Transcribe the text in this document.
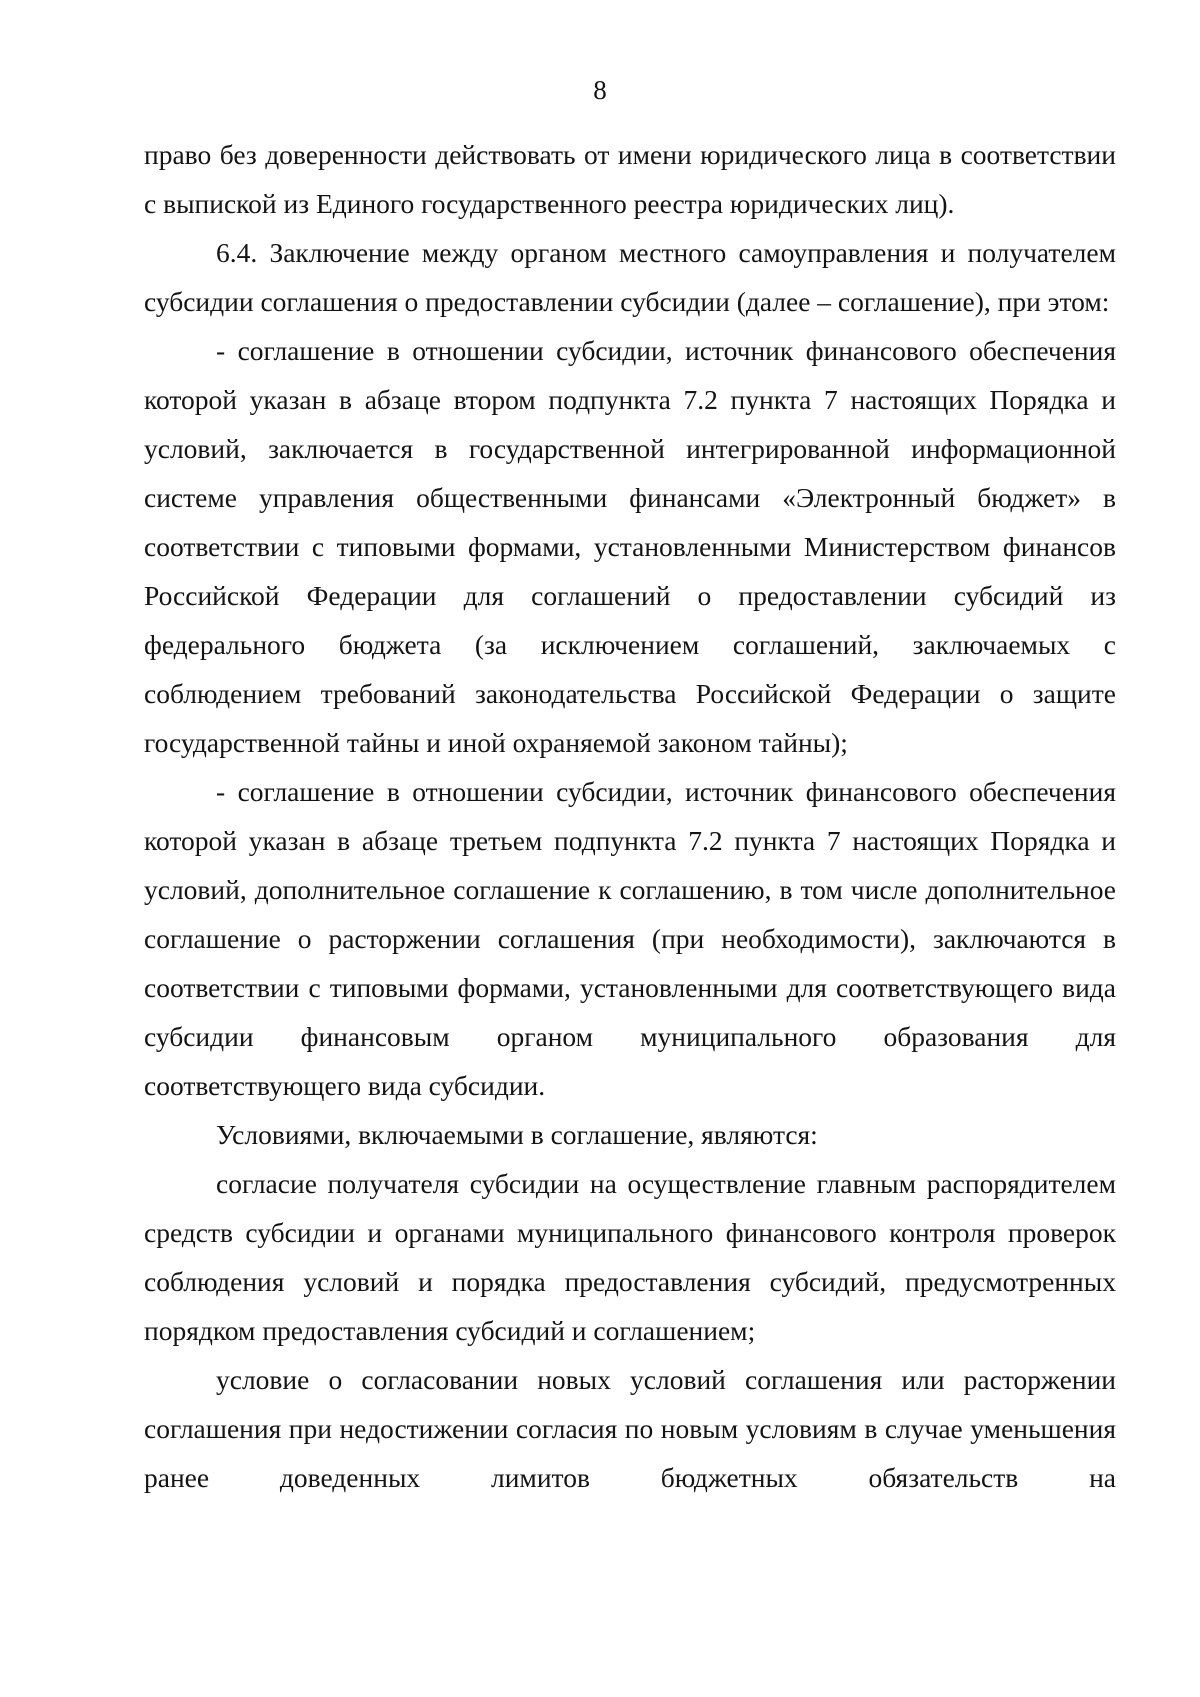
8

право без доверенности действовать от имени юридического лица в соответствии с выпиской из Единого государственного реестра юридических лиц).

6.4. Заключение между органом местного самоуправления и получателем субсидии соглашения о предоставлении субсидии (далее – соглашение), при этом:

- соглашение в отношении субсидии, источник финансового обеспечения которой указан в абзаце втором подпункта 7.2 пункта 7 настоящих Порядка и условий, заключается в государственной интегрированной информационной системе управления общественными финансами «Электронный бюджет» в соответствии с типовыми формами, установленными Министерством финансов Российской Федерации для соглашений о предоставлении субсидий из федерального бюджета (за исключением соглашений, заключаемых с соблюдением требований законодательства Российской Федерации о защите государственной тайны и иной охраняемой законом тайны);

- соглашение в отношении субсидии, источник финансового обеспечения которой указан в абзаце третьем подпункта 7.2 пункта 7 настоящих Порядка и условий, дополнительное соглашение к соглашению, в том числе дополнительное соглашение о расторжении соглашения (при необходимости), заключаются в соответствии с типовыми формами, установленными для соответствующего вида субсидии финансовым органом муниципального образования для соответствующего вида субсидии.

Условиями, включаемыми в соглашение, являются:

согласие получателя субсидии на осуществление главным распорядителем средств субсидии и органами муниципального финансового контроля проверок соблюдения условий и порядка предоставления субсидий, предусмотренных порядком предоставления субсидий и соглашением;

условие о согласовании новых условий соглашения или расторжении соглашения при недостижении согласия по новым условиям в случае уменьшения ранее доведенных лимитов бюджетных обязательств на
